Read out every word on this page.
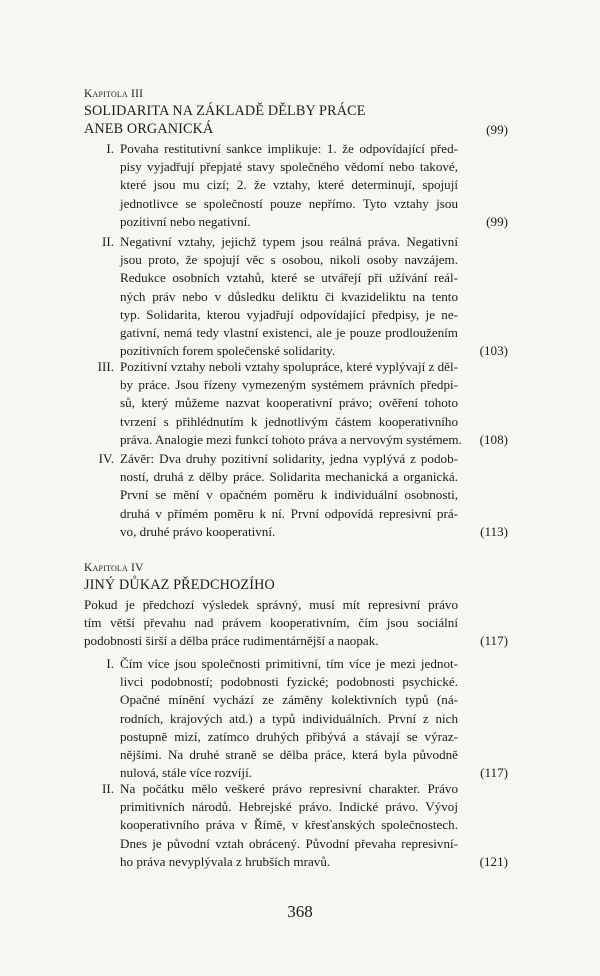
Kapitola III
SOLIDARITA NA ZÁKLADĚ DĚLBY PRÁCE
ANEB ORGANICKÁ	(99)
I. Povaha restitutivní sankce implikuje: 1. že odpovídající před-
pisy vyjadřují přepjaté stavy společného vědomí nebo takové,
které jsou mu cizí; 2. že vztahy, které determinují, spojují
jednotlivce se společností pouze nepřímo. Tyto vztahy jsou
pozitivní nebo negativní.	(99)
II. Negativní vztahy, jejichž typem jsou reálná práva. Negativní
jsou proto, že spojují věc s osobou, nikoli osoby navzájem.
Redukce osobních vztahů, které se utvářejí při užívání reál-
ných práv nebo v důsledku deliktu či kvazideliktu na tento
typ. Solidarita, kterou vyjadřují odpovídající předpisy, je ne-
gativní, nemá tedy vlastní existenci, ale je pouze prodloužením
pozitivních forem společenské solidarity.	(103)
III. Pozitivní vztahy neboli vztahy spolupráce, které vyplývají z děl-
by práce. Jsou řízeny vymezeným systémem právních předpi-
sů, který můžeme nazvat kooperativní právo; ověření tohoto
tvrzení s přihlédnutím k jednotlivým částem kooperativního
práva. Analogie mezi funkcí tohoto práva a nervovým systémem. (108)
IV. Závěr: Dva druhy pozitivní solidarity, jedna vyplývá z podob-
ností, druhá z dělby práce. Solidarita mechanická a organická.
První se mění v opačném poměru k individuální osobnosti,
druhá v přímém poměru k ní. První odpovídá represivní prá-
vo, druhé právo kooperativní.	(113)
Kapitola IV
JINÝ DŮKAZ PŘEDCHOZÍHO
Pokud je předchozí výsledek správný, musí mít represivní právo
tím větší převahu nad právem kooperativním, čím jsou sociální
podobnosti širší a dělba práce rudimentárnější a naopak.	(117)
I. Čím více jsou společnosti primitivní, tím více je mezi jednot-
livci podobností; podobnosti fyzické; podobnosti psychické.
Opačné mínění vychází ze záměny kolektivních typů (ná-
rodních, krajových atd.) a typů individuálních. První z nich
postupně mizí, zatímco druhých přibývá a stávají se výraz-
nějšími. Na druhé straně se dělba práce, která byla původně
nulová, stále více rozvíjí.	(117)
II. Na počátku mělo veškeré právo represivní charakter. Právo
primitivních národů. Hebrejské právo. Indické právo. Vývoj
kooperativního práva v Římě, v křesťanských společnostech.
Dnes je původní vztah obrácený. Původní převaha represivní-
ho práva nevyplývala z hrubších mravů.	(121)
368
